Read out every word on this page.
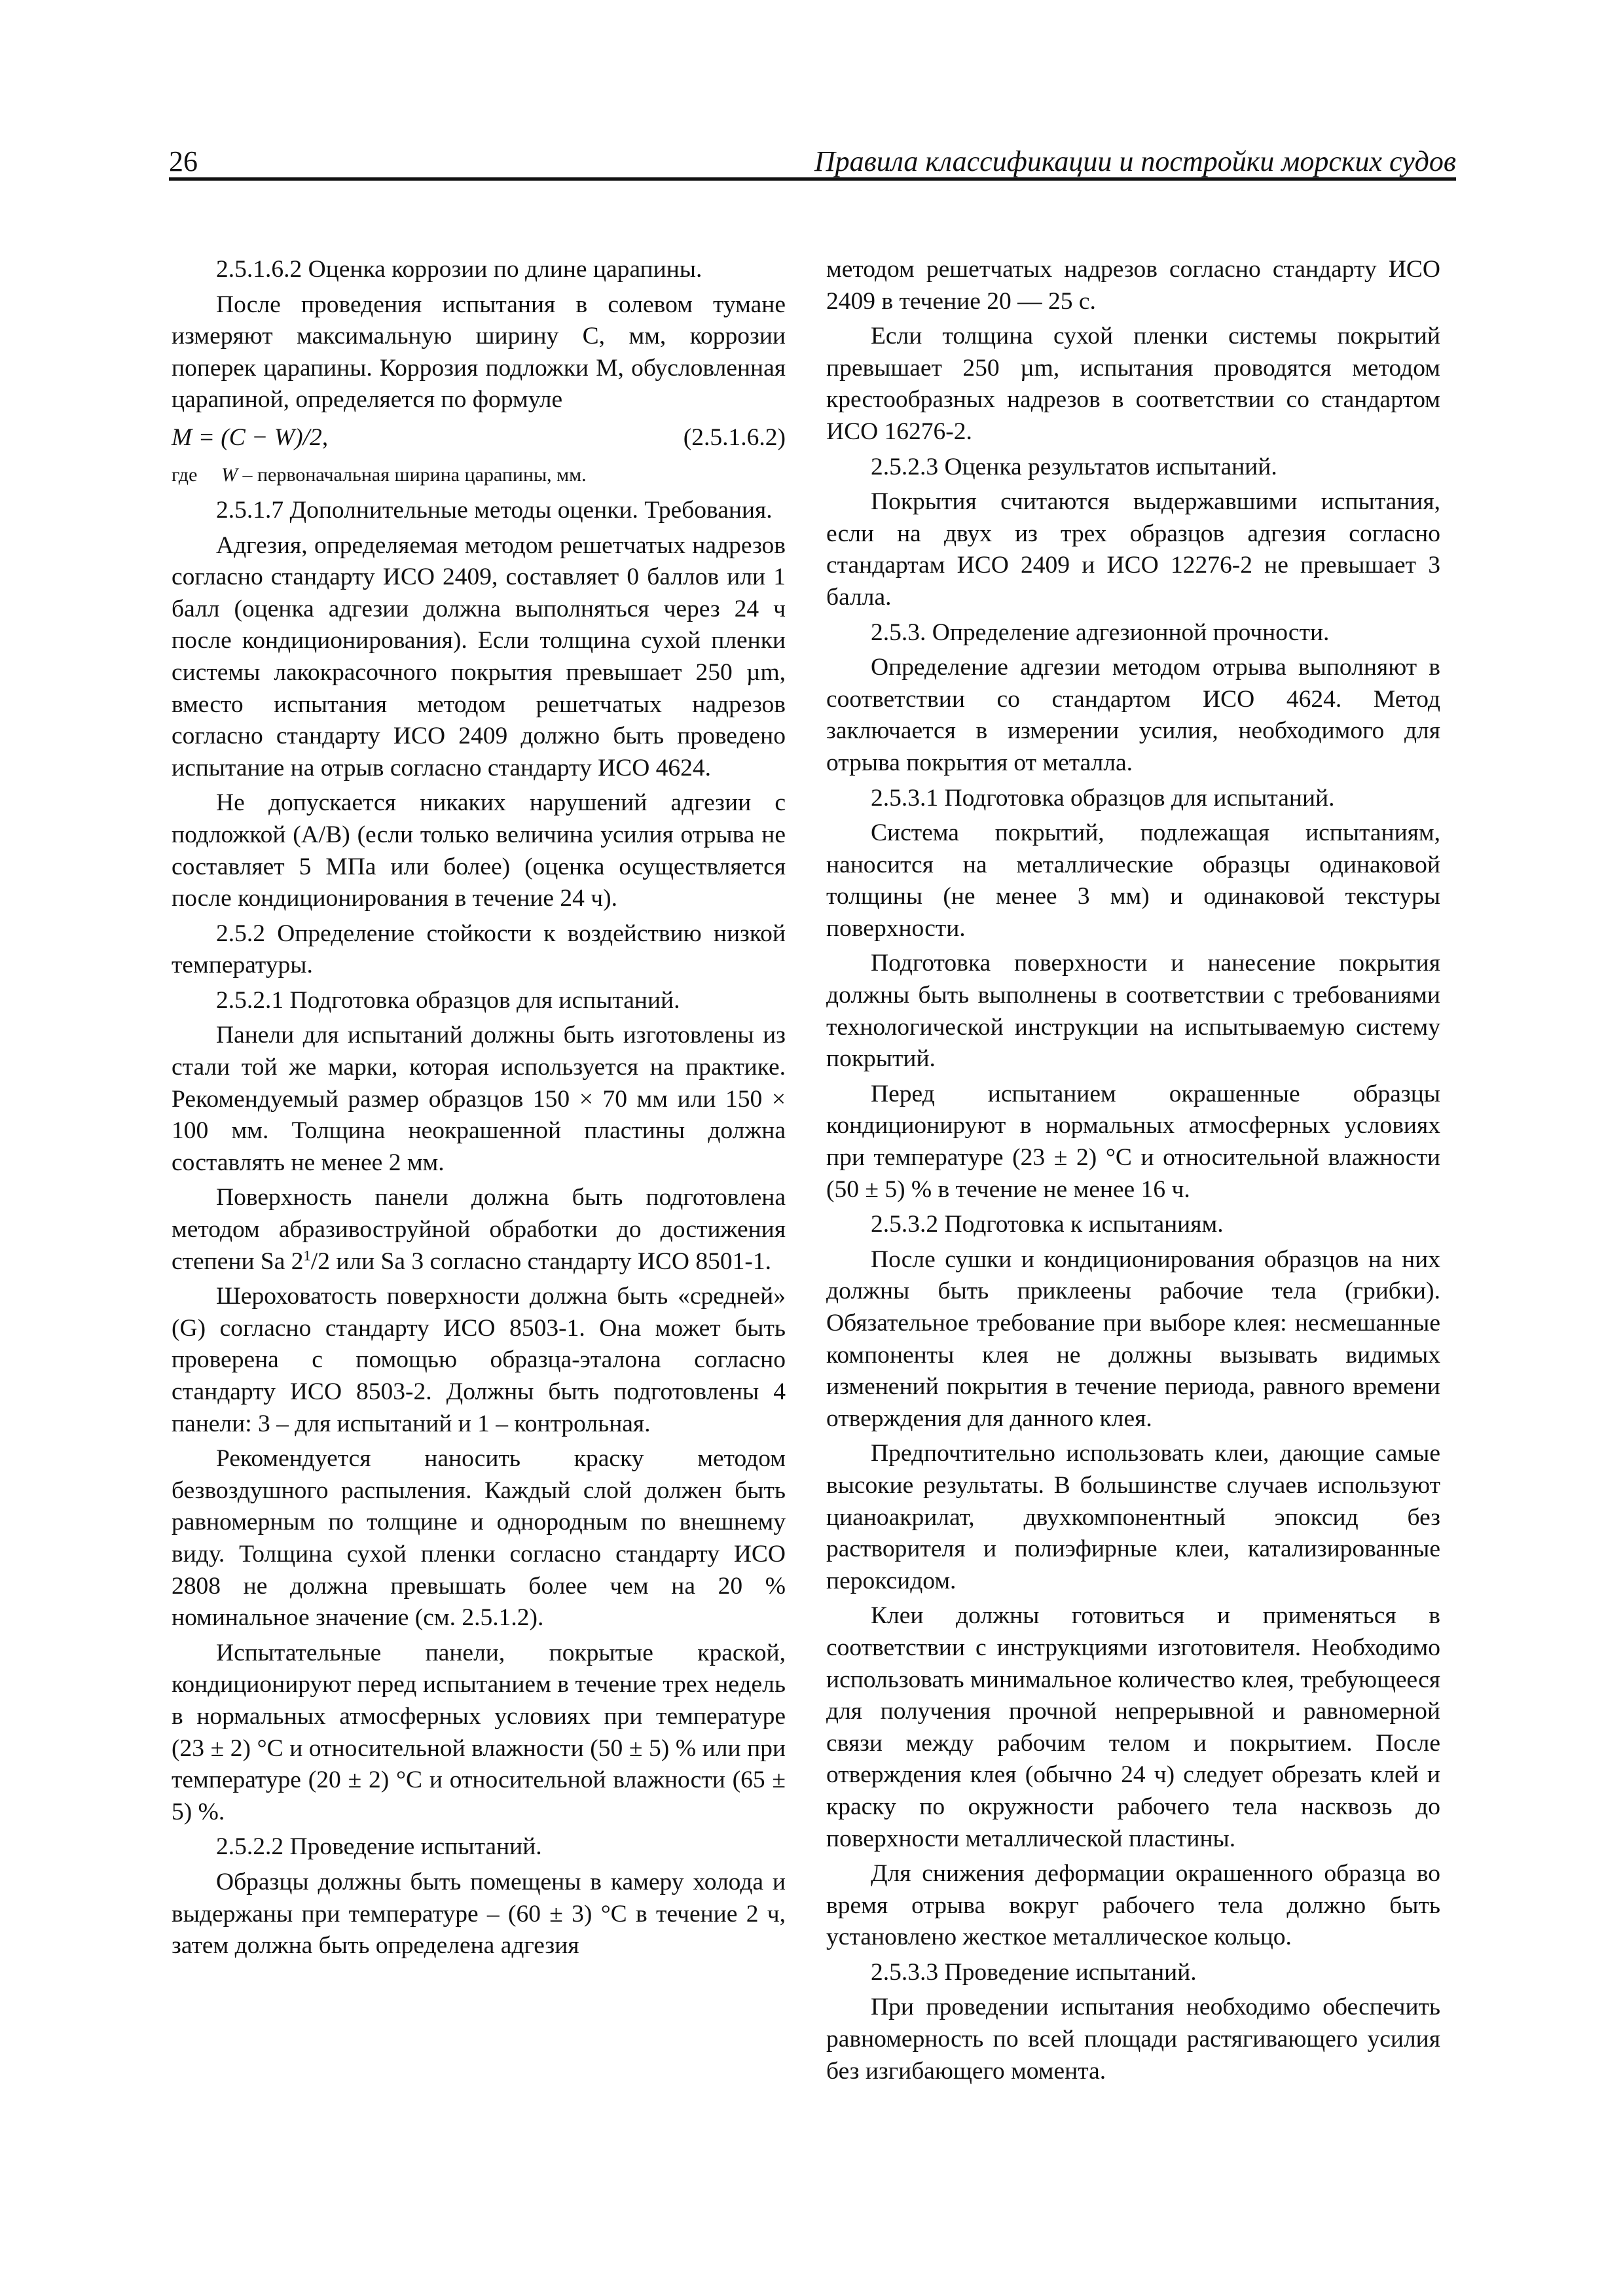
26	Правила классификации и постройки морских судов

2.5.1.6.2 Оценка коррозии по длине царапины.

После проведения испытания в солевом тумане измеряют максимальную ширину C, мм, коррозии поперек царапины. Коррозия подложки M, обусловленная царапиной, определяется по формуле

M = (C − W)/2,	(2.5.1.6.2)
где W – первоначальная ширина царапины, мм.

2.5.1.7 Дополнительные методы оценки. Требования.

Адгезия, определяемая методом решетчатых надрезов согласно стандарту ИСО 2409, составляет 0 баллов или 1 балл (оценка адгезии должна выполняться через 24 ч после кондиционирования). Если толщина сухой пленки системы лакокрасочного покрытия превышает 250 µm, вместо испытания методом решетчатых надрезов согласно стандарту ИСО 2409 должно быть проведено испытание на отрыв согласно стандарту ИСО 4624.

Не допускается никаких нарушений адгезии с подложкой (A/B) (если только величина усилия отрыва не составляет 5 МПа или более) (оценка осуществляется после кондиционирования в течение 24 ч).

2.5.2 Определение стойкости к воздействию низкой температуры.

2.5.2.1 Подготовка образцов для испытаний.

Панели для испытаний должны быть изготовлены из стали той же марки, которая используется на практике. Рекомендуемый размер образцов 150 × 70 мм или 150 × 100 мм. Толщина неокрашенной пластины должна составлять не менее 2 мм.

Поверхность панели должна быть подготовлена методом абразивоструйной обработки до достижения степени Sa $2^1/2$ или Sa 3 согласно стандарту ИСО 8501-1.

Шероховатость поверхности должна быть «средней» (G) согласно стандарту ИСО 8503-1. Она может быть проверена с помощью образца-эталона согласно стандарту ИСО 8503-2. Должны быть подготовлены 4 панели: 3 – для испытаний и 1 – контрольная.

Рекомендуется наносить краску методом безвоздушного распыления. Каждый слой должен быть равномерным по толщине и однородным по внешнему виду. Толщина сухой пленки согласно стандарту ИСО 2808 не должна превышать более чем на 20 % номинальное значение (см. 2.5.1.2).

Испытательные панели, покрытые краской, кондиционируют перед испытанием в течение трех недель в нормальных атмосферных условиях при температуре (23 ± 2) °C и относительной влажности (50 ± 5) % или при температуре (20 ± 2) °C и относительной влажности (65 ± 5) %.

2.5.2.2 Проведение испытаний.

Образцы должны быть помещены в камеру холода и выдержаны при температуре – (60 ± 3) °C в течение 2 ч, затем должна быть определена адгезия

методом решетчатых надрезов согласно стандарту ИСО 2409 в течение 20 — 25 с.

Если толщина сухой пленки системы покрытий превышает 250 µm, испытания проводятся методом крестообразных надрезов в соответствии со стандартом ИСО 16276-2.

2.5.2.3 Оценка результатов испытаний.

Покрытия считаются выдержавшими испытания, если на двух из трех образцов адгезия согласно стандартам ИСО 2409 и ИСО 12276-2 не превышает 3 балла.

2.5.3. Определение адгезионной прочности.

Определение адгезии методом отрыва выполняют в соответствии со стандартом ИСО 4624. Метод заключается в измерении усилия, необходимого для отрыва покрытия от металла.

2.5.3.1 Подготовка образцов для испытаний.

Система покрытий, подлежащая испытаниям, наносится на металлические образцы одинаковой толщины (не менее 3 мм) и одинаковой текстуры поверхности.

Подготовка поверхности и нанесение покрытия должны быть выполнены в соответствии с требованиями технологической инструкции на испытываемую систему покрытий.

Перед испытанием окрашенные образцы кондиционируют в нормальных атмосферных условиях при температуре (23 ± 2) °C и относительной влажности (50 ± 5) % в течение не менее 16 ч.

2.5.3.2 Подготовка к испытаниям.

После сушки и кондиционирования образцов на них должны быть приклеены рабочие тела (грибки). Обязательное требование при выборе клея: несмешанные компоненты клея не должны вызывать видимых изменений покрытия в течение периода, равного времени отверждения для данного клея.

Предпочтительно использовать клеи, дающие самые высокие результаты. В большинстве случаев используют цианоакрилат, двухкомпонентный эпоксид без растворителя и полиэфирные клеи, катализированные пероксидом.

Клеи должны готовиться и применяться в соответствии с инструкциями изготовителя. Необходимо использовать минимальное количество клея, требующееся для получения прочной непрерывной и равномерной связи между рабочим телом и покрытием. После отверждения клея (обычно 24 ч) следует обрезать клей и краску по окружности рабочего тела насквозь до поверхности металлической пластины.

Для снижения деформации окрашенного образца во время отрыва вокруг рабочего тела должно быть установлено жесткое металлическое кольцо.

2.5.3.3 Проведение испытаний.

При проведении испытания необходимо обеспечить равномерность по всей площади растягивающего усилия без изгибающего момента.
